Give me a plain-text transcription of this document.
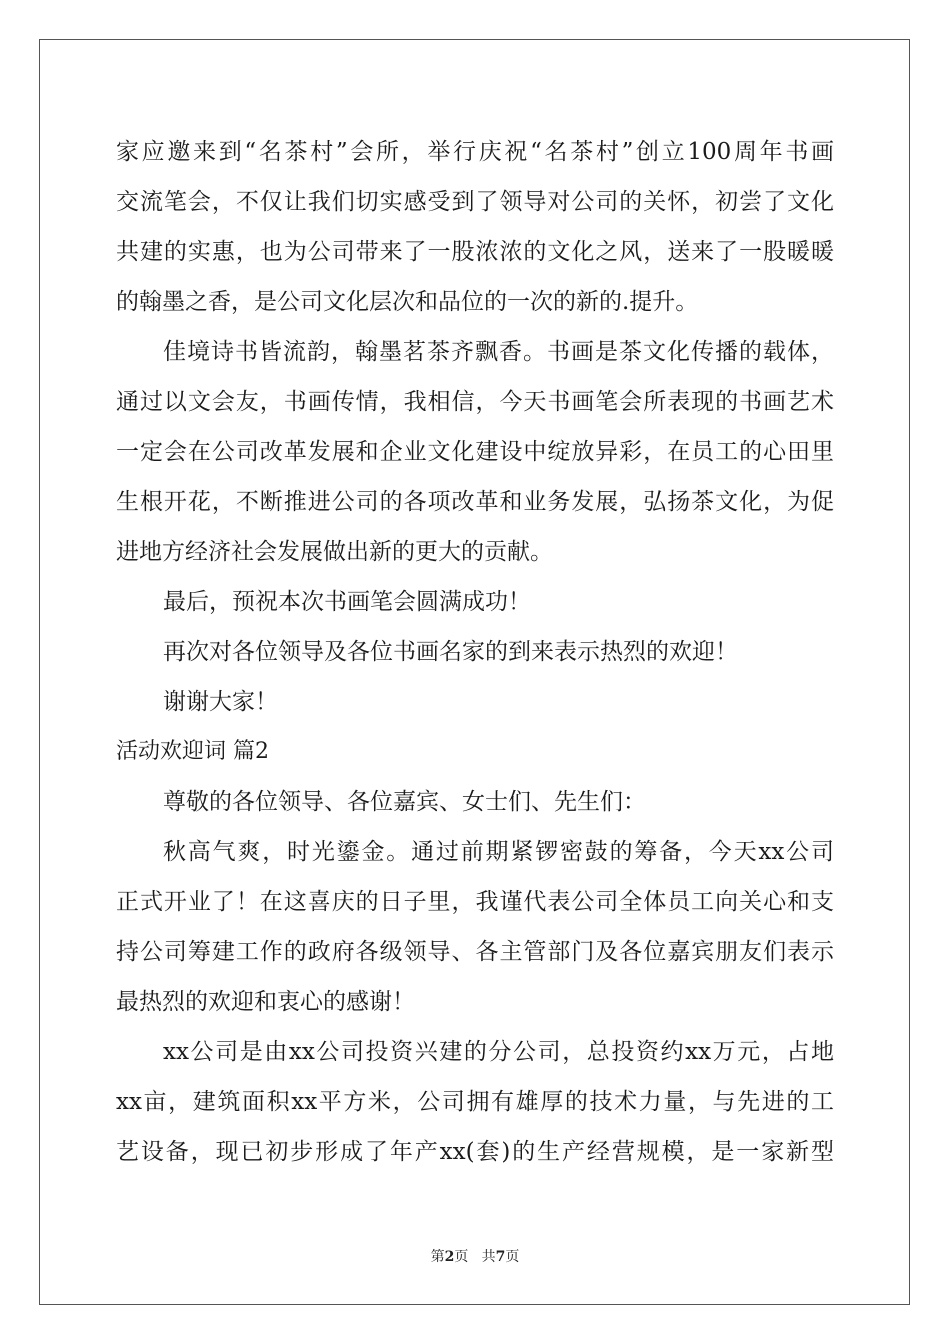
家应邀来到“名茶村”会所，举行庆祝“名茶村”创立100周年书画
交流笔会，不仅让我们切实感受到了领导对公司的关怀，初尝了文化
共建的实惠，也为公司带来了一股浓浓的文化之风，送来了一股暖暖
的翰墨之香，是公司文化层次和品位的一次的新的.提升。
佳境诗书皆流韵，翰墨茗茶齐飘香。书画是茶文化传播的载体，
通过以文会友，书画传情，我相信，今天书画笔会所表现的书画艺术
一定会在公司改革发展和企业文化建设中绽放异彩，在员工的心田里
生根开花，不断推进公司的各项改革和业务发展，弘扬茶文化，为促
进地方经济社会发展做出新的更大的贡献。
最后，预祝本次书画笔会圆满成功！
再次对各位领导及各位书画名家的到来表示热烈的欢迎！
谢谢大家！
活动欢迎词 篇2
尊敬的各位领导、各位嘉宾、女士们、先生们：
秋高气爽，时光鎏金。通过前期紧锣密鼓的筹备，今天xx公司
正式开业了！在这喜庆的日子里，我谨代表公司全体员工向关心和支
持公司筹建工作的政府各级领导、各主管部门及各位嘉宾朋友们表示
最热烈的欢迎和衷心的感谢！
xx公司是由xx公司投资兴建的分公司，总投资约xx万元，占地
xx亩，建筑面积xx平方米，公司拥有雄厚的技术力量，与先进的工
艺设备，现已初步形成了年产xx(套)的生产经营规模，是一家新型
第2页 共7页
